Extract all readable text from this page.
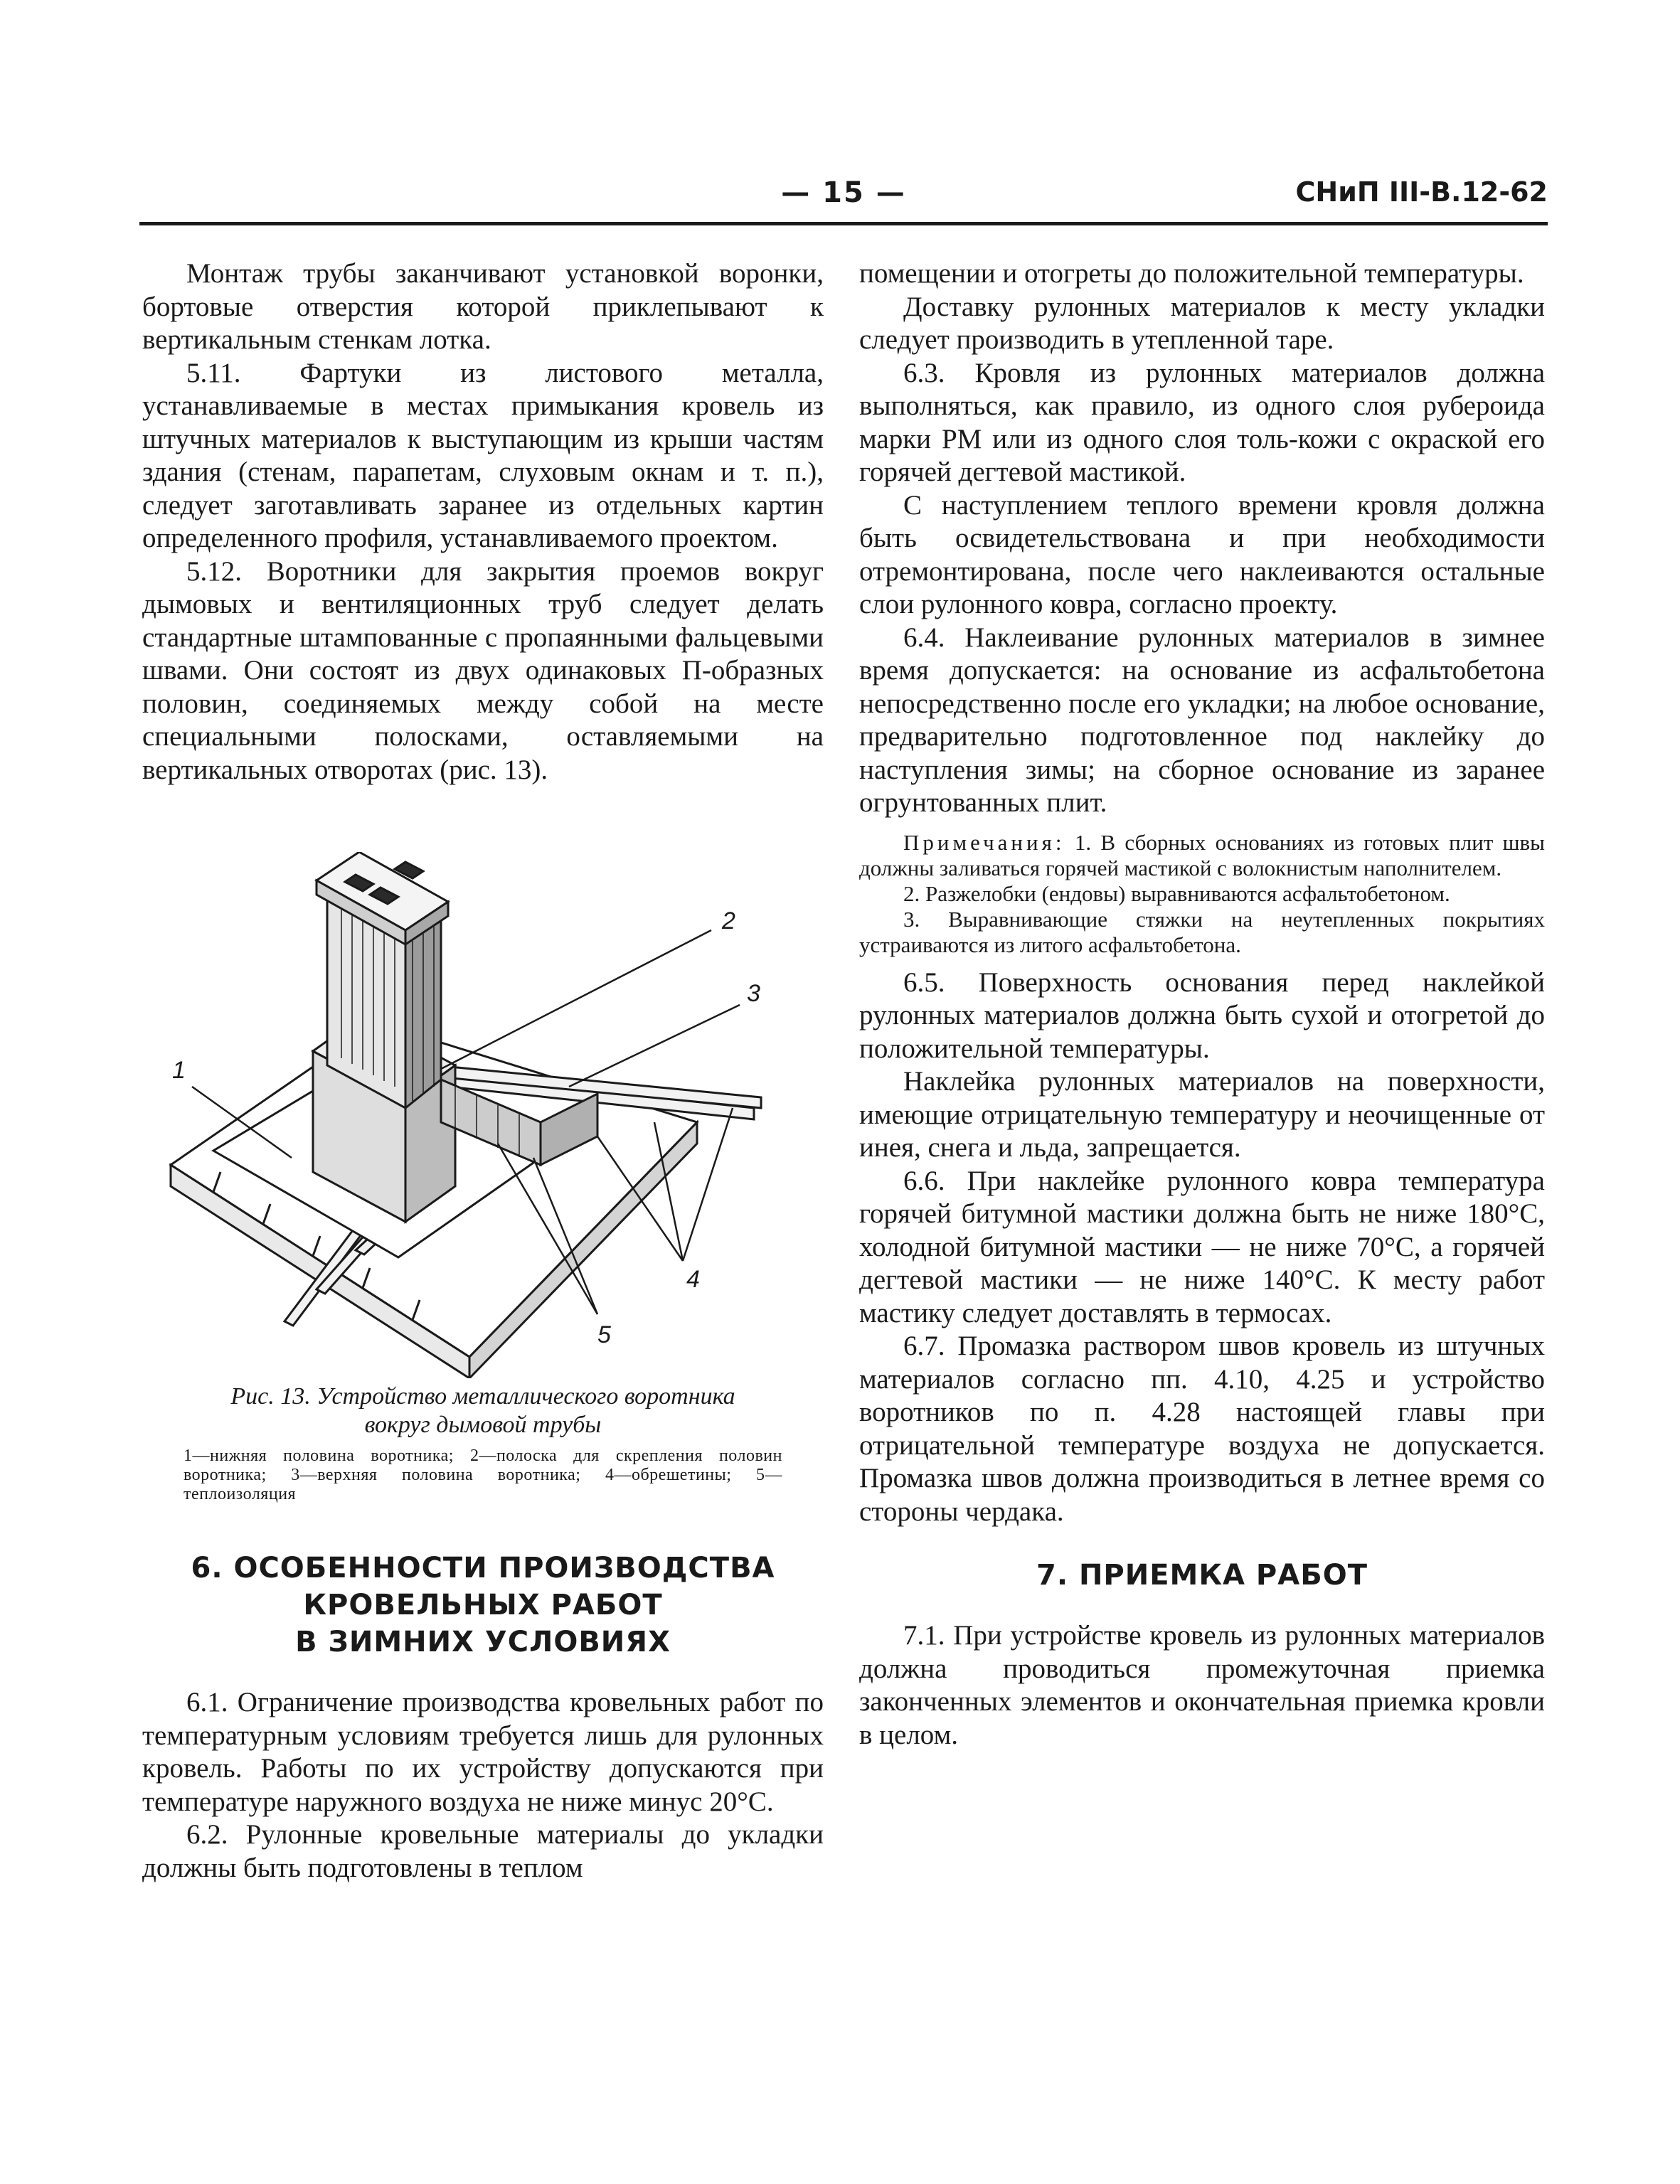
— 15 —	СНиП III-В.12-62

Монтаж трубы заканчивают установкой воронки, бортовые отверстия которой приклепывают к вертикальным стенкам лотка.

5.11. Фартуки из листового металла, устанавливаемые в местах примыкания кровель из штучных материалов к выступающим из крыши частям здания (стенам, парапетам, слуховым окнам и т. п.), следует заготавливать заранее из отдельных картин определенного профиля, устанавливаемого проектом.

5.12. Воротники для закрытия проемов вокруг дымовых и вентиляционных труб следует делать стандартные штампованные с пропаянными фальцевыми швами. Они состоят из двух одинаковых П-образных половин, соединяемых между собой на месте специальными полосками, оставляемыми на вертикальных отворотах (рис. 13).

1
2
3
4
5
Рис. 13. Устройство металлического воротника
вокруг дымовой трубы
1—нижняя половина воротника; 2—полоска для скрепления половин воротника; 3—верхняя половина воротника; 4—обрешетины; 5—теплоизоляция
6. ОСОБЕННОСТИ ПРОИЗВОДСТВА
КРОВЕЛЬНЫХ РАБОТ
В ЗИМНИХ УСЛОВИЯХ

6.1. Ограничение производства кровельных работ по температурным условиям требуется лишь для рулонных кровель. Работы по их устройству допускаются при температуре наружного воздуха не ниже минус 20°С.

6.2. Рулонные кровельные материалы до укладки должны быть подготовлены в теплом

помещении и отогреты до положительной температуры.

Доставку рулонных материалов к месту укладки следует производить в утепленной таре.

6.3. Кровля из рулонных материалов должна выполняться, как правило, из одного слоя рубероида марки РМ или из одного слоя толь-кожи с окраской его горячей дегтевой мастикой.

С наступлением теплого времени кровля должна быть освидетельствована и при необходимости отремонтирована, после чего наклеиваются остальные слои рулонного ковра, согласно проекту.

6.4. Наклеивание рулонных материалов в зимнее время допускается: на основание из асфальтобетона непосредственно после его укладки; на любое основание, предварительно подготовленное под наклейку до наступления зимы; на сборное основание из заранее огрунтованных плит.

Примечания: 1. В сборных основаниях из готовых плит швы должны заливаться горячей мастикой с волокнистым наполнителем.
2. Разжелобки (ендовы) выравниваются асфальтобетоном.
3. Выравнивающие стяжки на неутепленных покрытиях устраиваются из литого асфальтобетона.

6.5. Поверхность основания перед наклейкой рулонных материалов должна быть сухой и отогретой до положительной температуры.

Наклейка рулонных материалов на поверхности, имеющие отрицательную температуру и неочищенные от инея, снега и льда, запрещается.

6.6. При наклейке рулонного ковра температура горячей битумной мастики должна быть не ниже 180°С, холодной битумной мастики — не ниже 70°С, а горячей дегтевой мастики — не ниже 140°С. К месту работ мастику следует доставлять в термосах.

6.7. Промазка раствором швов кровель из штучных материалов согласно пп. 4.10, 4.25 и устройство воротников по п. 4.28 настоящей главы при отрицательной температуре воздуха не допускается. Промазка швов должна производиться в летнее время со стороны чердака.

7. ПРИЕМКА РАБОТ

7.1. При устройстве кровель из рулонных материалов должна проводиться промежуточная приемка законченных элементов и окончательная приемка кровли в целом.
